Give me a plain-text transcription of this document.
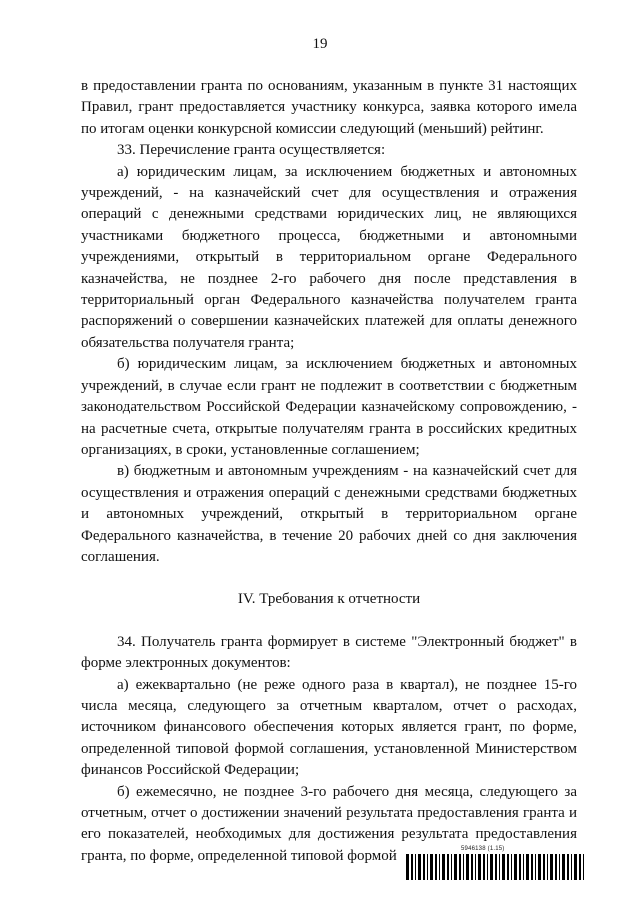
19

в предоставлении гранта по основаниям, указанным в пункте 31 настоящих Правил, грант предоставляется участнику конкурса, заявка которого имела по итогам оценки конкурсной комиссии следующий (меньший) рейтинг.

33. Перечисление гранта осуществляется:

а) юридическим лицам, за исключением бюджетных и автономных учреждений, - на казначейский счет для осуществления и отражения операций с денежными средствами юридических лиц, не являющихся участниками бюджетного процесса, бюджетными и автономными учреждениями, открытый в территориальном органе Федерального казначейства, не позднее 2-го рабочего дня после представления в территориальный орган Федерального казначейства получателем гранта распоряжений о совершении казначейских платежей для оплаты денежного обязательства получателя гранта;

б) юридическим лицам, за исключением бюджетных и автономных учреждений, в случае если грант не подлежит в соответствии с бюджетным законодательством Российской Федерации казначейскому сопровождению, - на расчетные счета, открытые получателям гранта в российских кредитных организациях, в сроки, установленные соглашением;

в) бюджетным и автономным учреждениям - на казначейский счет для осуществления и отражения операций с денежными средствами бюджетных и автономных учреждений, открытый в территориальном органе Федерального казначейства, в течение 20 рабочих дней со дня заключения соглашения.

IV. Требования к отчетности

34. Получатель гранта формирует в системе "Электронный бюджет" в форме электронных документов:

а) ежеквартально (не реже одного раза в квартал), не позднее 15-го числа месяца, следующего за отчетным кварталом, отчет о расходах, источником финансового обеспечения которых является грант, по форме, определенной типовой формой соглашения, установленной Министерством финансов Российской Федерации;

б) ежемесячно, не позднее 3-го рабочего дня месяца, следующего за отчетным, отчет о достижении значений результата предоставления гранта и его показателей, необходимых для достижения результата предоставления гранта, по форме, определенной типовой формой	5946138 (1.15)
